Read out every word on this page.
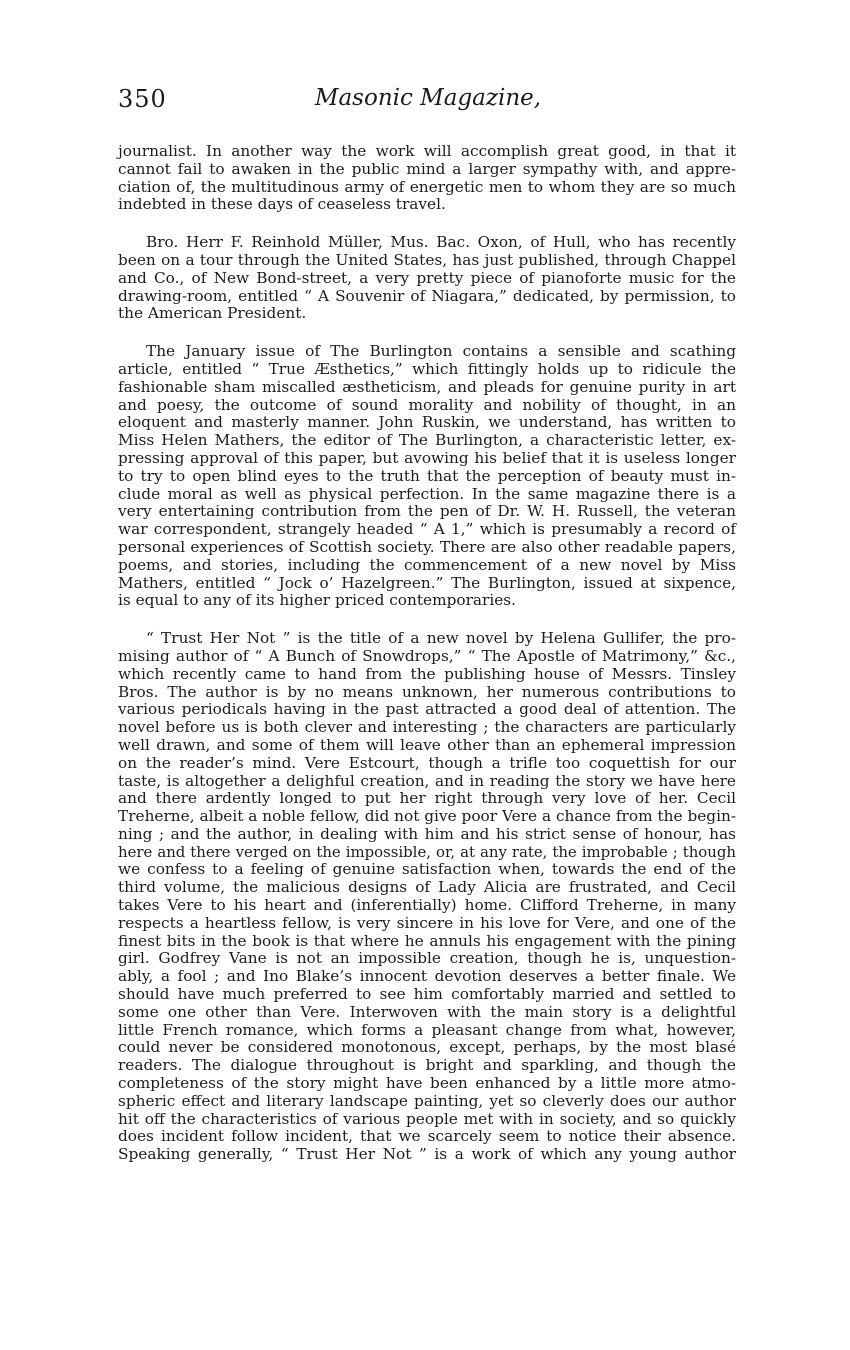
350	Masonic Magazine,
journalist. In another way the work will accomplish great good, in that it
cannot fail to awaken in the public mind a larger sympathy with, and appre-
ciation of, the multitudinous army of energetic men to whom they are so much
indebted in these days of ceaseless travel.
Bro. Herr F. Reinhold Müller, Mus. Bac. Oxon, of Hull, who has recently
been on a tour through the United States, has just published, through Chappel
and Co., of New Bond-street, a very pretty piece of pianoforte music for the
drawing-room, entitled “ A Souvenir of Niagara,” dedicated, by permission, to
the American President.
The January issue of The Burlington contains a sensible and scathing
article, entitled “ True Æsthetics,” which fittingly holds up to ridicule the
fashionable sham miscalled æstheticism, and pleads for genuine purity in art
and poesy, the outcome of sound morality and nobility of thought, in an
eloquent and masterly manner. John Ruskin, we understand, has written to
Miss Helen Mathers, the editor of The Burlington, a characteristic letter, ex-
pressing approval of this paper, but avowing his belief that it is useless longer
to try to open blind eyes to the truth that the perception of beauty must in-
clude moral as well as physical perfection. In the same magazine there is a
very entertaining contribution from the pen of Dr. W. H. Russell, the veteran
war correspondent, strangely headed “ A 1,” which is presumably a record of
personal experiences of Scottish society. There are also other readable papers,
poems, and stories, including the commencement of a new novel by Miss
Mathers, entitled “ Jock o’ Hazelgreen.” The Burlington, issued at sixpence,
is equal to any of its higher priced contemporaries.
“ Trust Her Not ” is the title of a new novel by Helena Gullifer, the pro-
mising author of “ A Bunch of Snowdrops,” “ The Apostle of Matrimony,” &c.,
which recently came to hand from the publishing house of Messrs. Tinsley
Bros. The author is by no means unknown, her numerous contributions to
various periodicals having in the past attracted a good deal of attention. The
novel before us is both clever and interesting ; the characters are particularly
well drawn, and some of them will leave other than an ephemeral impression
on the reader’s mind. Vere Estcourt, though a trifle too coquettish for our
taste, is altogether a delighful creation, and in reading the story we have here
and there ardently longed to put her right through very love of her. Cecil
Treherne, albeit a noble fellow, did not give poor Vere a chance from the begin-
ning ; and the author, in dealing with him and his strict sense of honour, has
here and there verged on the impossible, or, at any rate, the improbable ; though
we confess to a feeling of genuine satisfaction when, towards the end of the
third volume, the malicious designs of Lady Alicia are frustrated, and Cecil
takes Vere to his heart and (inferentially) home. Clifford Treherne, in many
respects a heartless fellow, is very sincere in his love for Vere, and one of the
finest bits in the book is that where he annuls his engagement with the pining
girl. Godfrey Vane is not an impossible creation, though he is, unquestion-
ably, a fool ; and Ino Blake’s innocent devotion deserves a better finale. We
should have much preferred to see him comfortably married and settled to
some one other than Vere. Interwoven with the main story is a delightful
little French romance, which forms a pleasant change from what, however,
could never be considered monotonous, except, perhaps, by the most blasé
readers. The dialogue throughout is bright and sparkling, and though the
completeness of the story might have been enhanced by a little more atmo-
spheric effect and literary landscape painting, yet so cleverly does our author
hit off the characteristics of various people met with in society, and so quickly
does incident follow incident, that we scarcely seem to notice their absence.
Speaking generally, “ Trust Her Not ” is a work of which any young author
